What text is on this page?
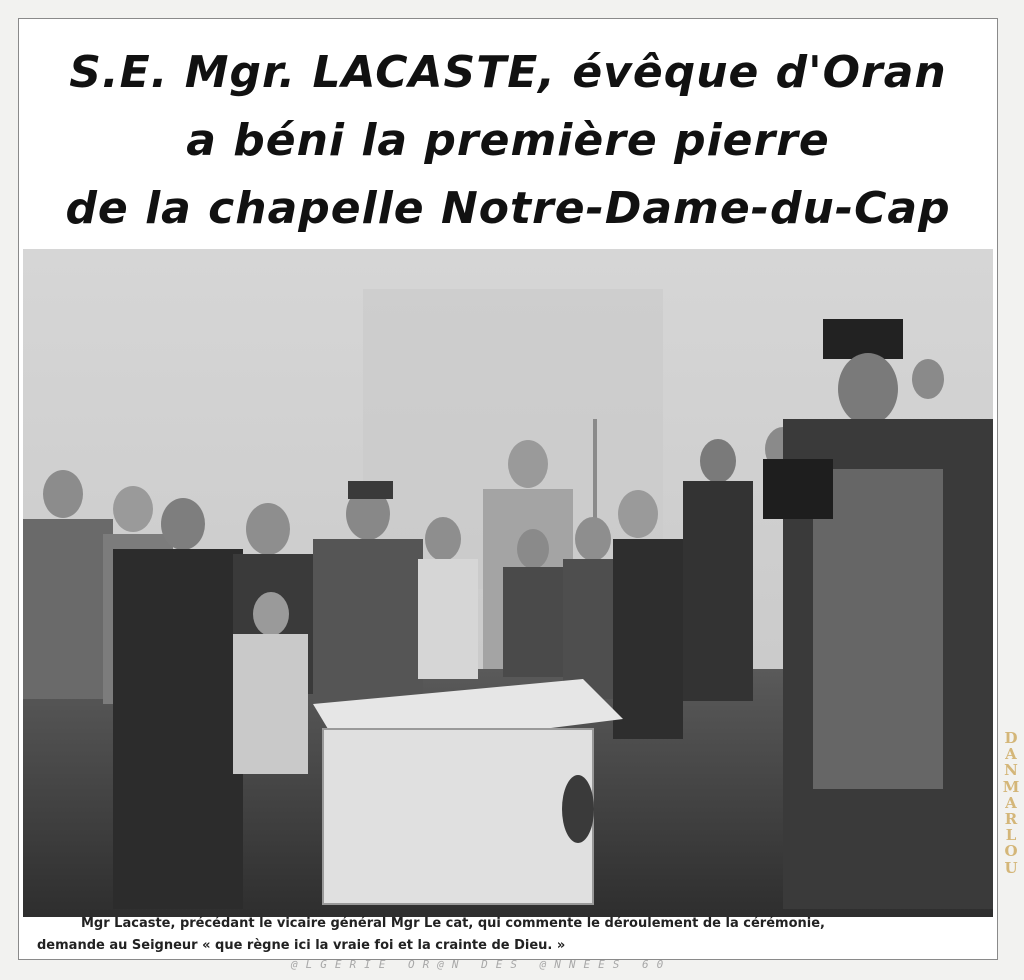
S.E. Mgr. LACASTE, évêque d'Oran
a béni la première pierre
de la chapelle Notre-Dame-du-Cap
Mgr Lacaste, précédant le vicaire général Mgr Le cat, qui commente le déroulement de la cérémonie,
demande au Seigneur « que règne ici la vraie foi et la crainte de Dieu. »
@LGERIE OR@N DES @NNEES 60
DANMARLOU
